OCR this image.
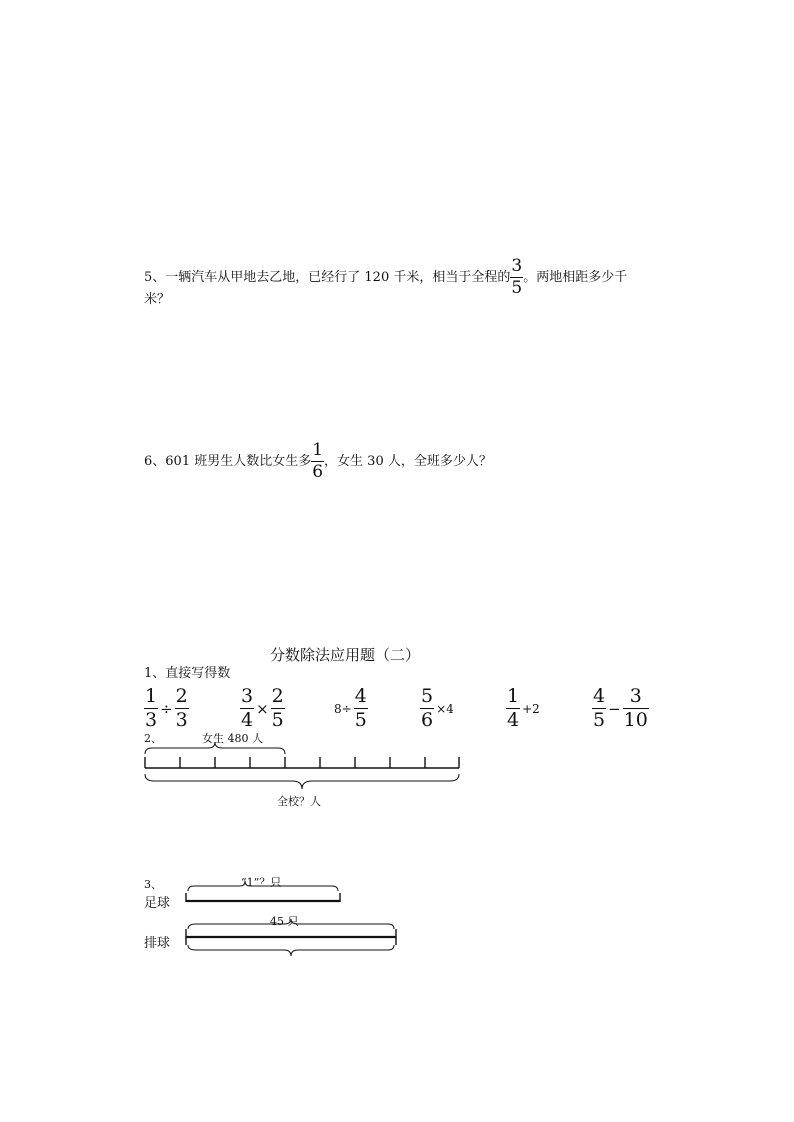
5、一辆汽车从甲地去乙地，已经行了 120 千米，相当于全程的 $\frac{3}{5}$ 。两地相距多少千
米？
6、601 班男生人数比女生多 $\frac{1}{6}$ ，女生 30 人，全班多少人？
分数除法应用题（二）
1、直接写得数
$\frac{1}{3} \div \frac{2}{3}$	$\frac{3}{4} \times \frac{2}{5}$	$8\div \frac{4}{5}$	$\frac{5}{6} \times 4$	$\frac{1}{4} +2$	$\frac{4}{5} - \frac{3}{10}$
2、	女生 480 人
全校？人
3、	“1”？只
足球
45 只
排球
